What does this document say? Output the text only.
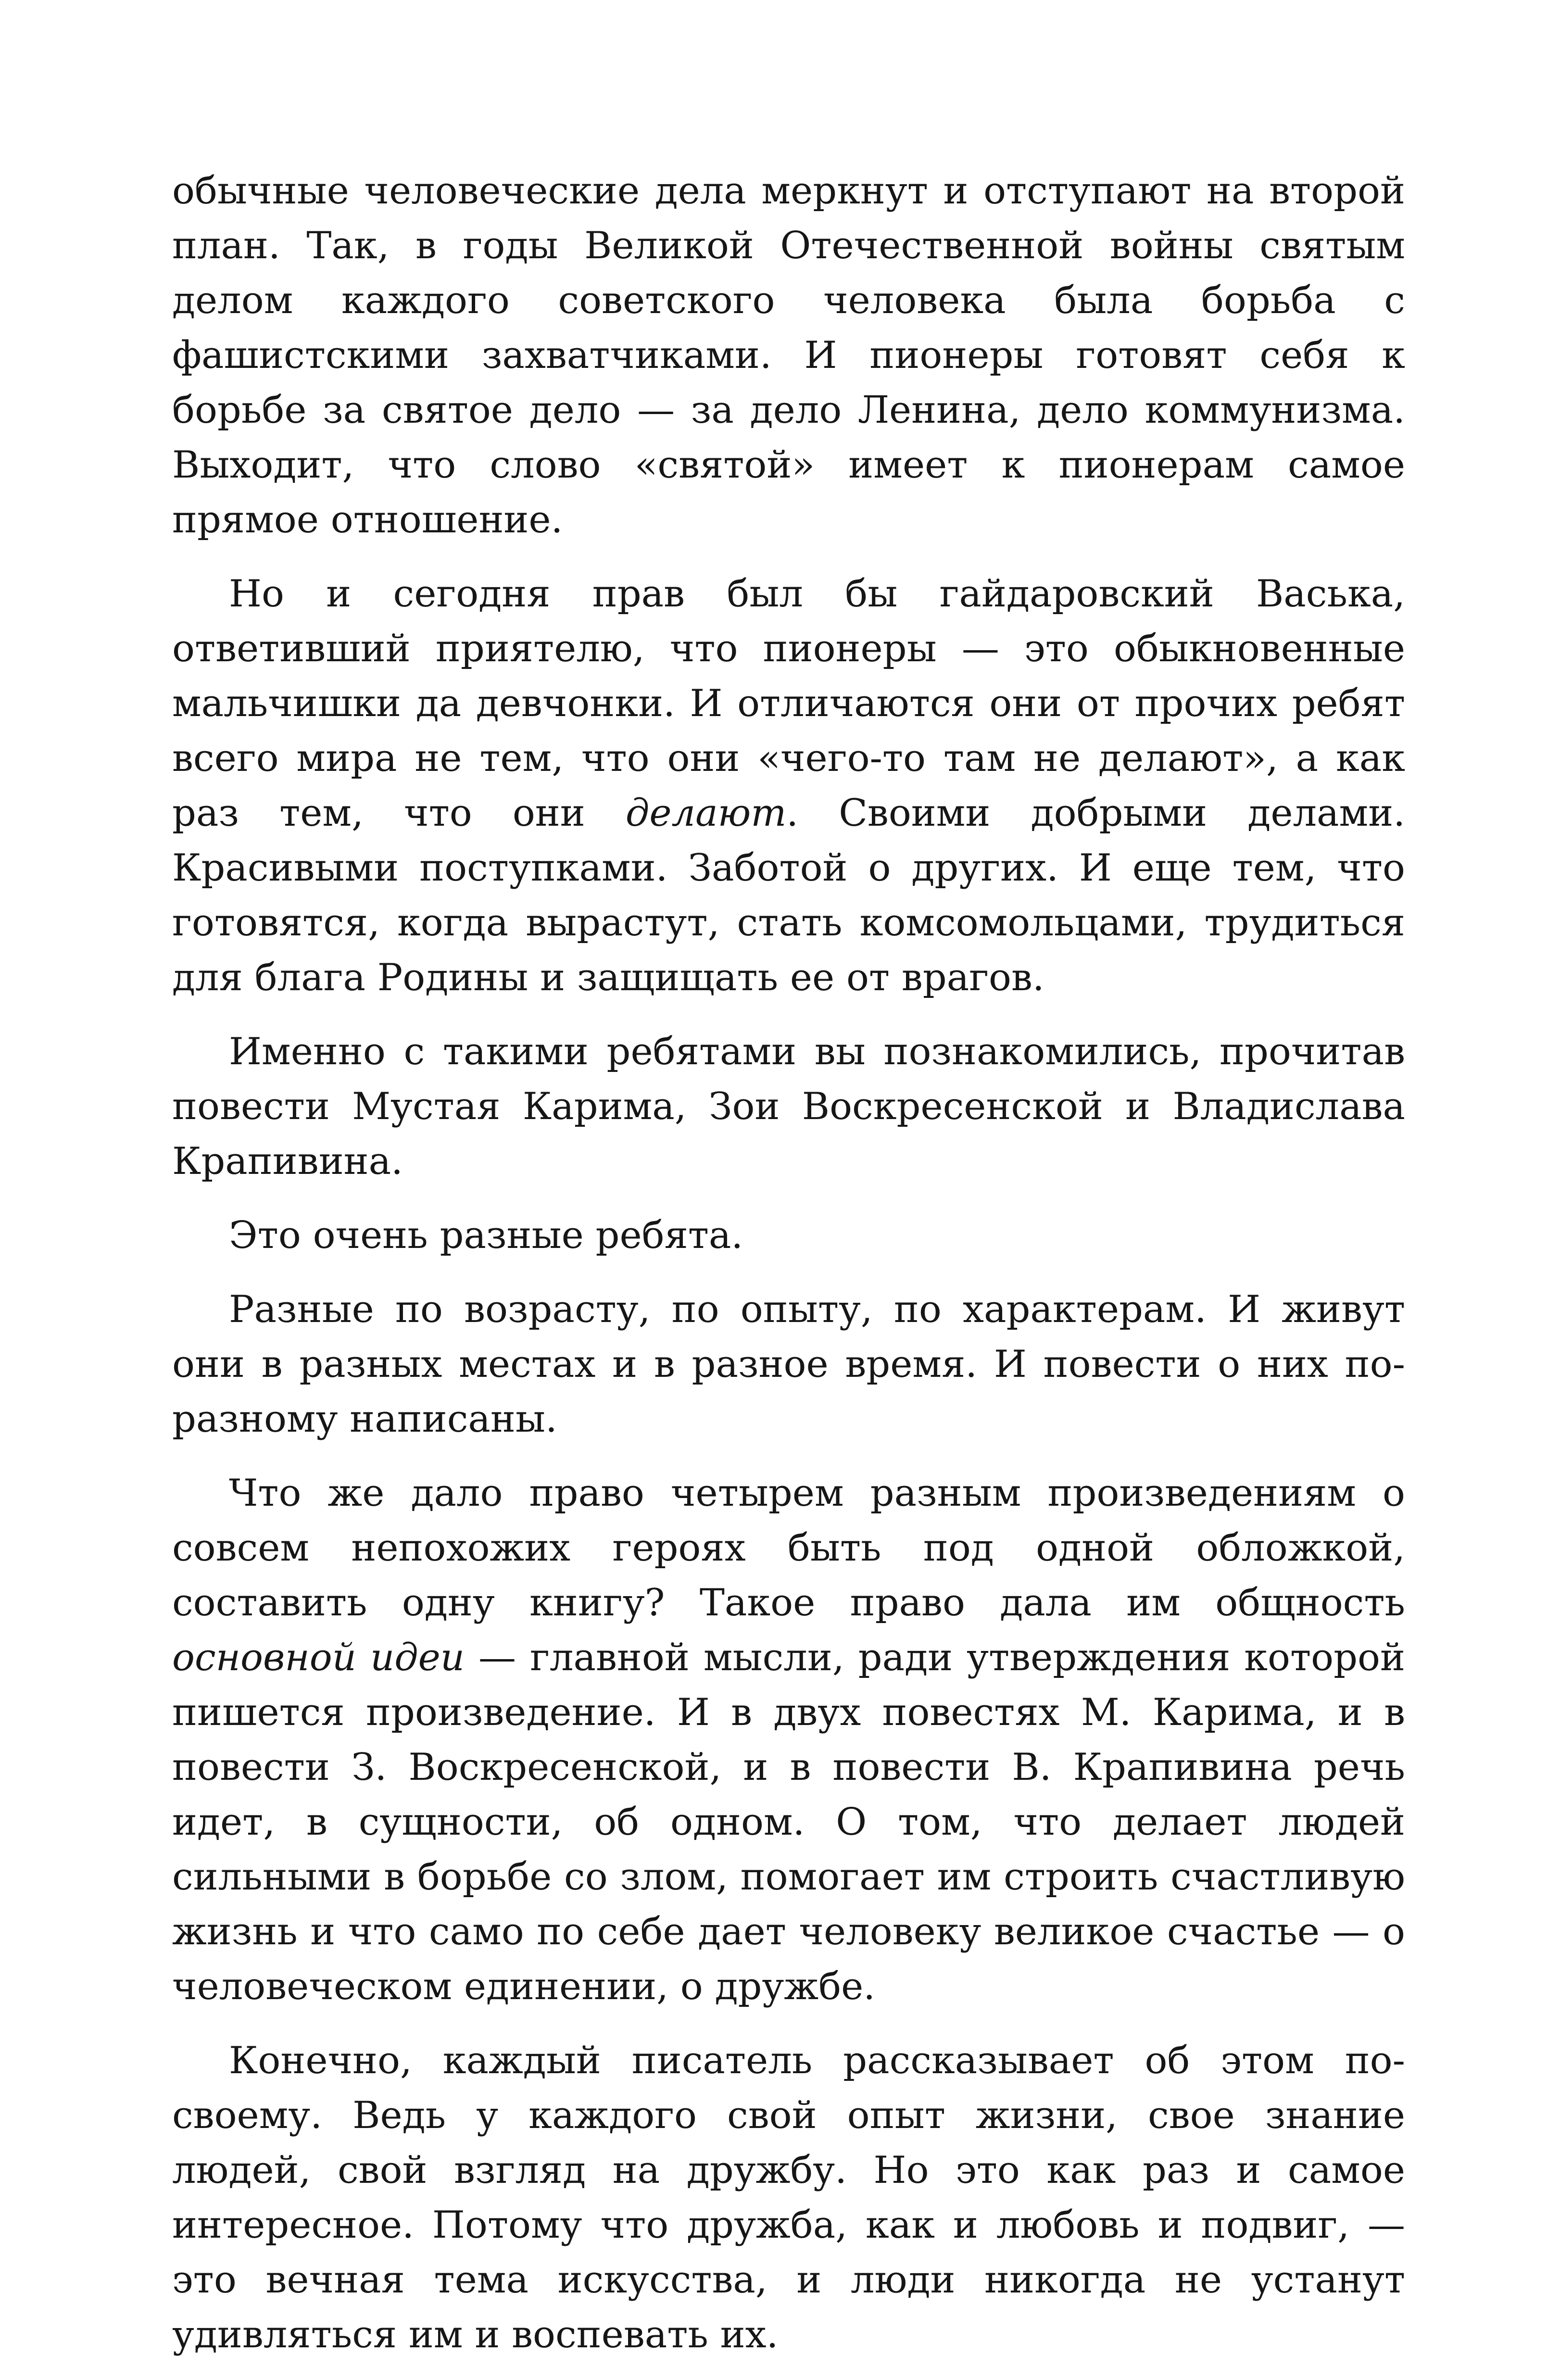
обычные человеческие дела меркнут и отступают на второй план. Так, в годы Великой Отечественной войны святым делом каждого советского человека была борьба с фашистскими захватчиками. И пионеры готовят себя к борьбе за святое дело — за дело Ленина, дело коммунизма. Выходит, что слово «святой» имеет к пионерам самое прямое отношение.

Но и сегодня прав был бы гайдаровский Васька, ответивший приятелю, что пионеры — это обыкновенные мальчишки да девчонки. И отличаются они от прочих ребят всего мира не тем, что они «чего-то там не делают», а как раз тем, что они делают. Своими добрыми делами. Красивыми поступками. Заботой о других. И еще тем, что готовятся, когда вырастут, стать комсомольцами, трудиться для блага Родины и защищать ее от врагов.

Именно с такими ребятами вы познакомились, прочитав повести Мустая Карима, Зои Воскресенской и Владислава Крапивина.

Это очень разные ребята.

Разные по возрасту, по опыту, по характерам. И живут они в разных местах и в разное время. И повести о них по-разному написаны.

Что же дало право четырем разным произведениям о совсем непохожих героях быть под одной обложкой, составить одну книгу? Такое право дала им общность основной идеи — главной мысли, ради утверждения которой пишется произведение. И в двух повестях М. Карима, и в повести З. Воскресенской, и в повести В. Крапивина речь идет, в сущности, об одном. О том, что делает людей сильными в борьбе со злом, помогает им строить счастливую жизнь и что само по себе дает человеку великое счастье — о человеческом единении, о дружбе.

Конечно, каждый писатель рассказывает об этом по-своему. Ведь у каждого свой опыт жизни, свое знание людей, свой взгляд на дружбу. Но это как раз и самое интересное. Потому что дружба, как и любовь и подвиг, — это вечная тема искусства, и люди никогда не устанут удивляться им и воспевать их.
